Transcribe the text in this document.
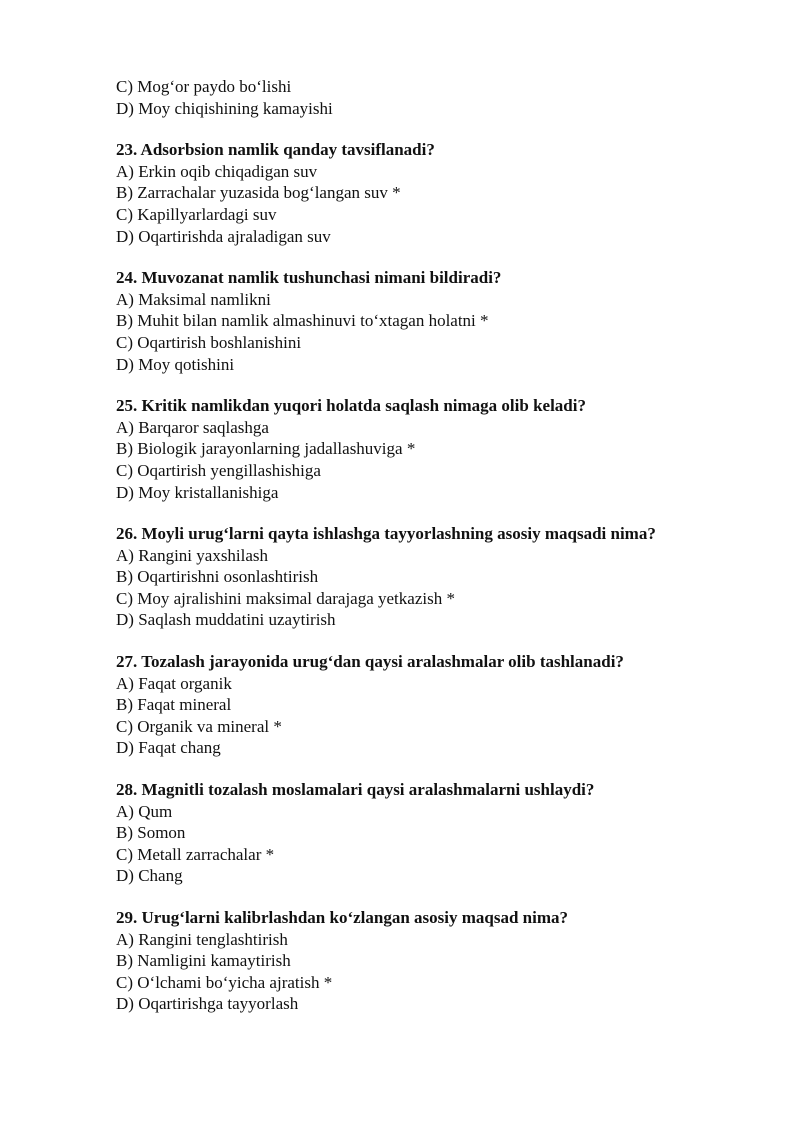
C) Mog‘or paydo bo‘lishi
D) Moy chiqishining kamayishi
23. Adsorbsion namlik qanday tavsiflanadi?
A) Erkin oqib chiqadigan suv
B) Zarrachalar yuzasida bog‘langan suv *
C) Kapillyarlardagi suv
D) Oqartirishda ajraladigan suv
24. Muvozanat namlik tushunchasi nimani bildiradi?
A) Maksimal namlikni
B) Muhit bilan namlik almashinuvi to‘xtagan holatni *
C) Oqartirish boshlanishini
D) Moy qotishini
25. Kritik namlikdan yuqori holatda saqlash nimaga olib keladi?
A) Barqaror saqlashga
B) Biologik jarayonlarning jadallashuviga *
C) Oqartirish yengillashishiga
D) Moy kristallanishiga
26. Moyli urug‘larni qayta ishlashga tayyorlashning asosiy maqsadi nima?
A) Rangini yaxshilash
B) Oqartirishni osonlashtirish
C) Moy ajralishini maksimal darajaga yetkazish *
D) Saqlash muddatini uzaytirish
27. Tozalash jarayonida urug‘dan qaysi aralashmalar olib tashlanadi?
A) Faqat organik
B) Faqat mineral
C) Organik va mineral *
D) Faqat chang
28. Magnitli tozalash moslamalari qaysi aralashmalarni ushlaydi?
A) Qum
B) Somon
C) Metall zarrachalar *
D) Chang
29. Urug‘larni kalibrlashdan ko‘zlangan asosiy maqsad nima?
A) Rangini tenglashtirish
B) Namligini kamaytirish
C) O‘lchami bo‘yicha ajratish *
D) Oqartirishga tayyorlash
